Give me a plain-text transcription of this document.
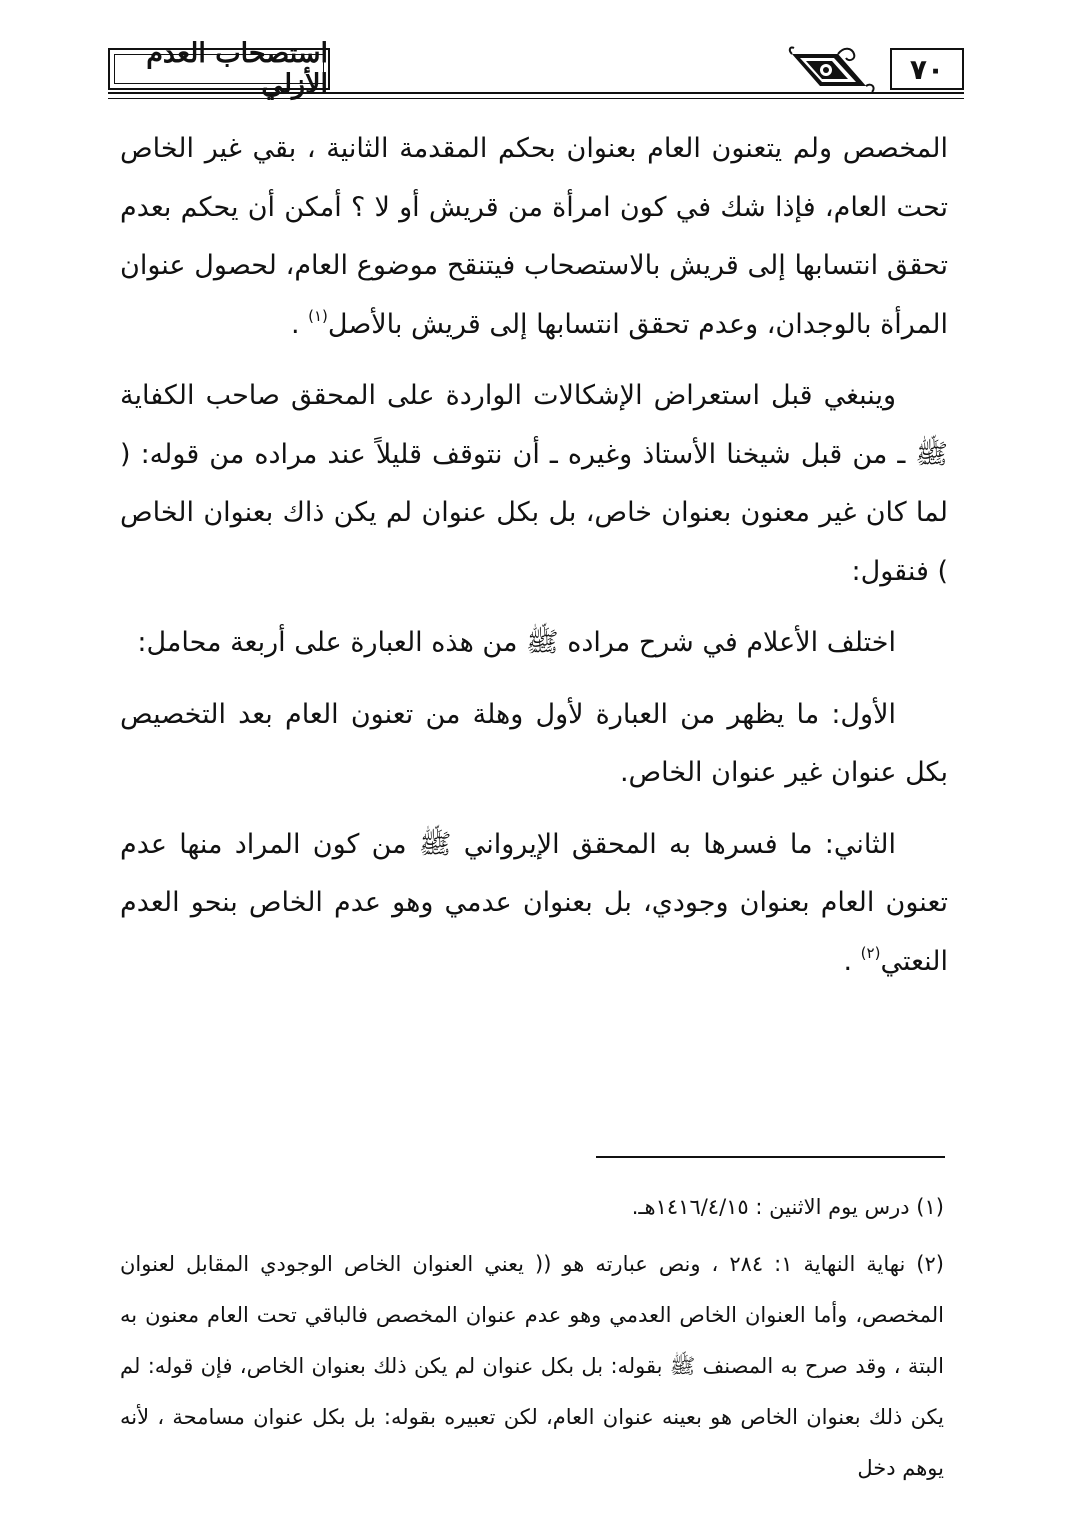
استصحاب العدم الأزلي	٧٠

المخصص ولم يتعنون العام بعنوان بحكم المقدمة الثانية ، بقي غير الخاص تحت العام، فإذا شك في كون امرأة من قريش أو لا ؟ أمكن أن يحكم بعدم تحقق انتسابها إلى قريش بالاستصحاب فيتنقح موضوع العام، لحصول عنوان المرأة بالوجدان، وعدم تحقق انتسابها إلى قريش بالأصل$^{(١)}$ .

وينبغي قبل استعراض الإشكالات الواردة على المحقق صاحب الكفاية ﷺ ـ من قبل شيخنا الأستاذ وغيره ـ أن نتوقف قليلاً عند مراده من قوله: ( لما كان غير معنون بعنوان خاص، بل بكل عنوان لم يكن ذاك بعنوان الخاص ) فنقول:

اختلف الأعلام في شرح مراده ﷺ من هذه العبارة على أربعة محامل:

الأول: ما يظهر من العبارة لأول وهلة من تعنون العام بعد التخصيص بكل عنوان غير عنوان الخاص.

الثاني: ما فسرها به المحقق الإيرواني ﷺ من كون المراد منها عدم تعنون العام بعنوان وجودي، بل بعنوان عدمي وهو عدم الخاص بنحو العدم النعتي$^{(٢)}$ .

(١) درس يوم الاثنين : ١٤١٦/٤/١٥هـ.

(٢) نهاية النهاية ١: ٢٨٤ ، ونص عبارته هو (( يعني العنوان الخاص الوجودي المقابل لعنوان المخصص، وأما العنوان الخاص العدمي وهو عدم عنوان المخصص فالباقي تحت العام معنون به البتة ، وقد صرح به المصنف ﷺ بقوله: بل بكل عنوان لم يكن ذلك بعنوان الخاص، فإن قوله: لم يكن ذلك بعنوان الخاص هو بعينه عنوان العام، لكن تعبيره بقوله: بل بكل عنوان مسامحة ، لأنه يوهم دخل
